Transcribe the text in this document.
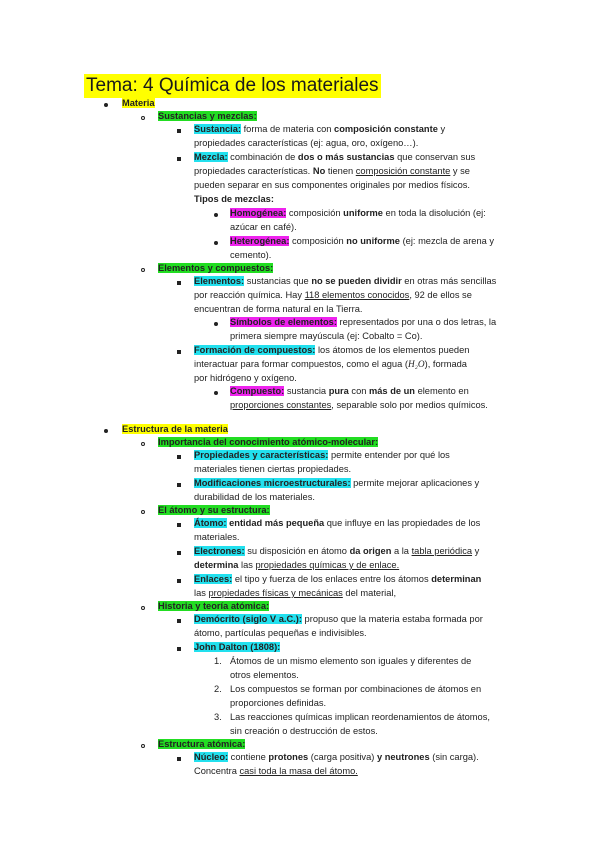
Tema: 4 Química de los materiales
Materia
Sustancias y mezclas:
Sustancia: forma de materia con composición constante y
propiedades características (ej: agua, oro, oxígeno…).
Mezcla: combinación de dos o más sustancias que conservan sus
propiedades características. No tienen composición constante y se
pueden separar en sus componentes originales por medios físicos.
Tipos de mezclas:
Homogénea: composición uniforme en toda la disolución (ej:
azúcar en café).
Heterogénea: composición no uniforme (ej: mezcla de arena y
cemento).
Elementos y compuestos:
Elementos: sustancias que no se pueden dividir en otras más sencillas
por reacción química. Hay 118 elementos conocidos, 92 de ellos se
encuentran de forma natural en la Tierra.
Símbolos de elementos: representados por una o dos letras, la
primera siempre mayúscula (ej: Cobalto = Co).
Formación de compuestos: los átomos de los elementos pueden
interactuar para formar compuestos, como el agua (H₂O), formada
por hidrógeno y oxígeno.
Compuesto: sustancia pura con más de un elemento en
proporciones constantes, separable solo por medios químicos.
Estructura de la materia
Importancia del conocimiento atómico-molecular:
Propiedades y características: permite entender por qué los
materiales tienen ciertas propiedades.
Modificaciones microestructurales: permite mejorar aplicaciones y
durabilidad de los materiales.
El átomo y su estructura:
Átomo: entidad más pequeña que influye en las propiedades de los
materiales.
Electrones: su disposición en átomo da origen a la tabla periódica y
determina las propiedades químicas y de enlace.
Enlaces: el tipo y fuerza de los enlaces entre los átomos determinan
las propiedades físicas y mecánicas del material,
Historia y teoría atómica:
Demócrito (siglo V a.C.): propuso que la materia estaba formada por
átomo, partículas pequeñas e indivisibles.
John Dalton (1808):
1. Átomos de un mismo elemento son iguales y diferentes de
otros elementos.
2. Los compuestos se forman por combinaciones de átomos en
proporciones definidas.
3. Las reacciones químicas implican reordenamientos de átomos,
sin creación o destrucción de estos.
Estructura atómica:
Núcleo: contiene protones (carga positiva) y neutrones (sin carga).
Concentra casi toda la masa del átomo.
